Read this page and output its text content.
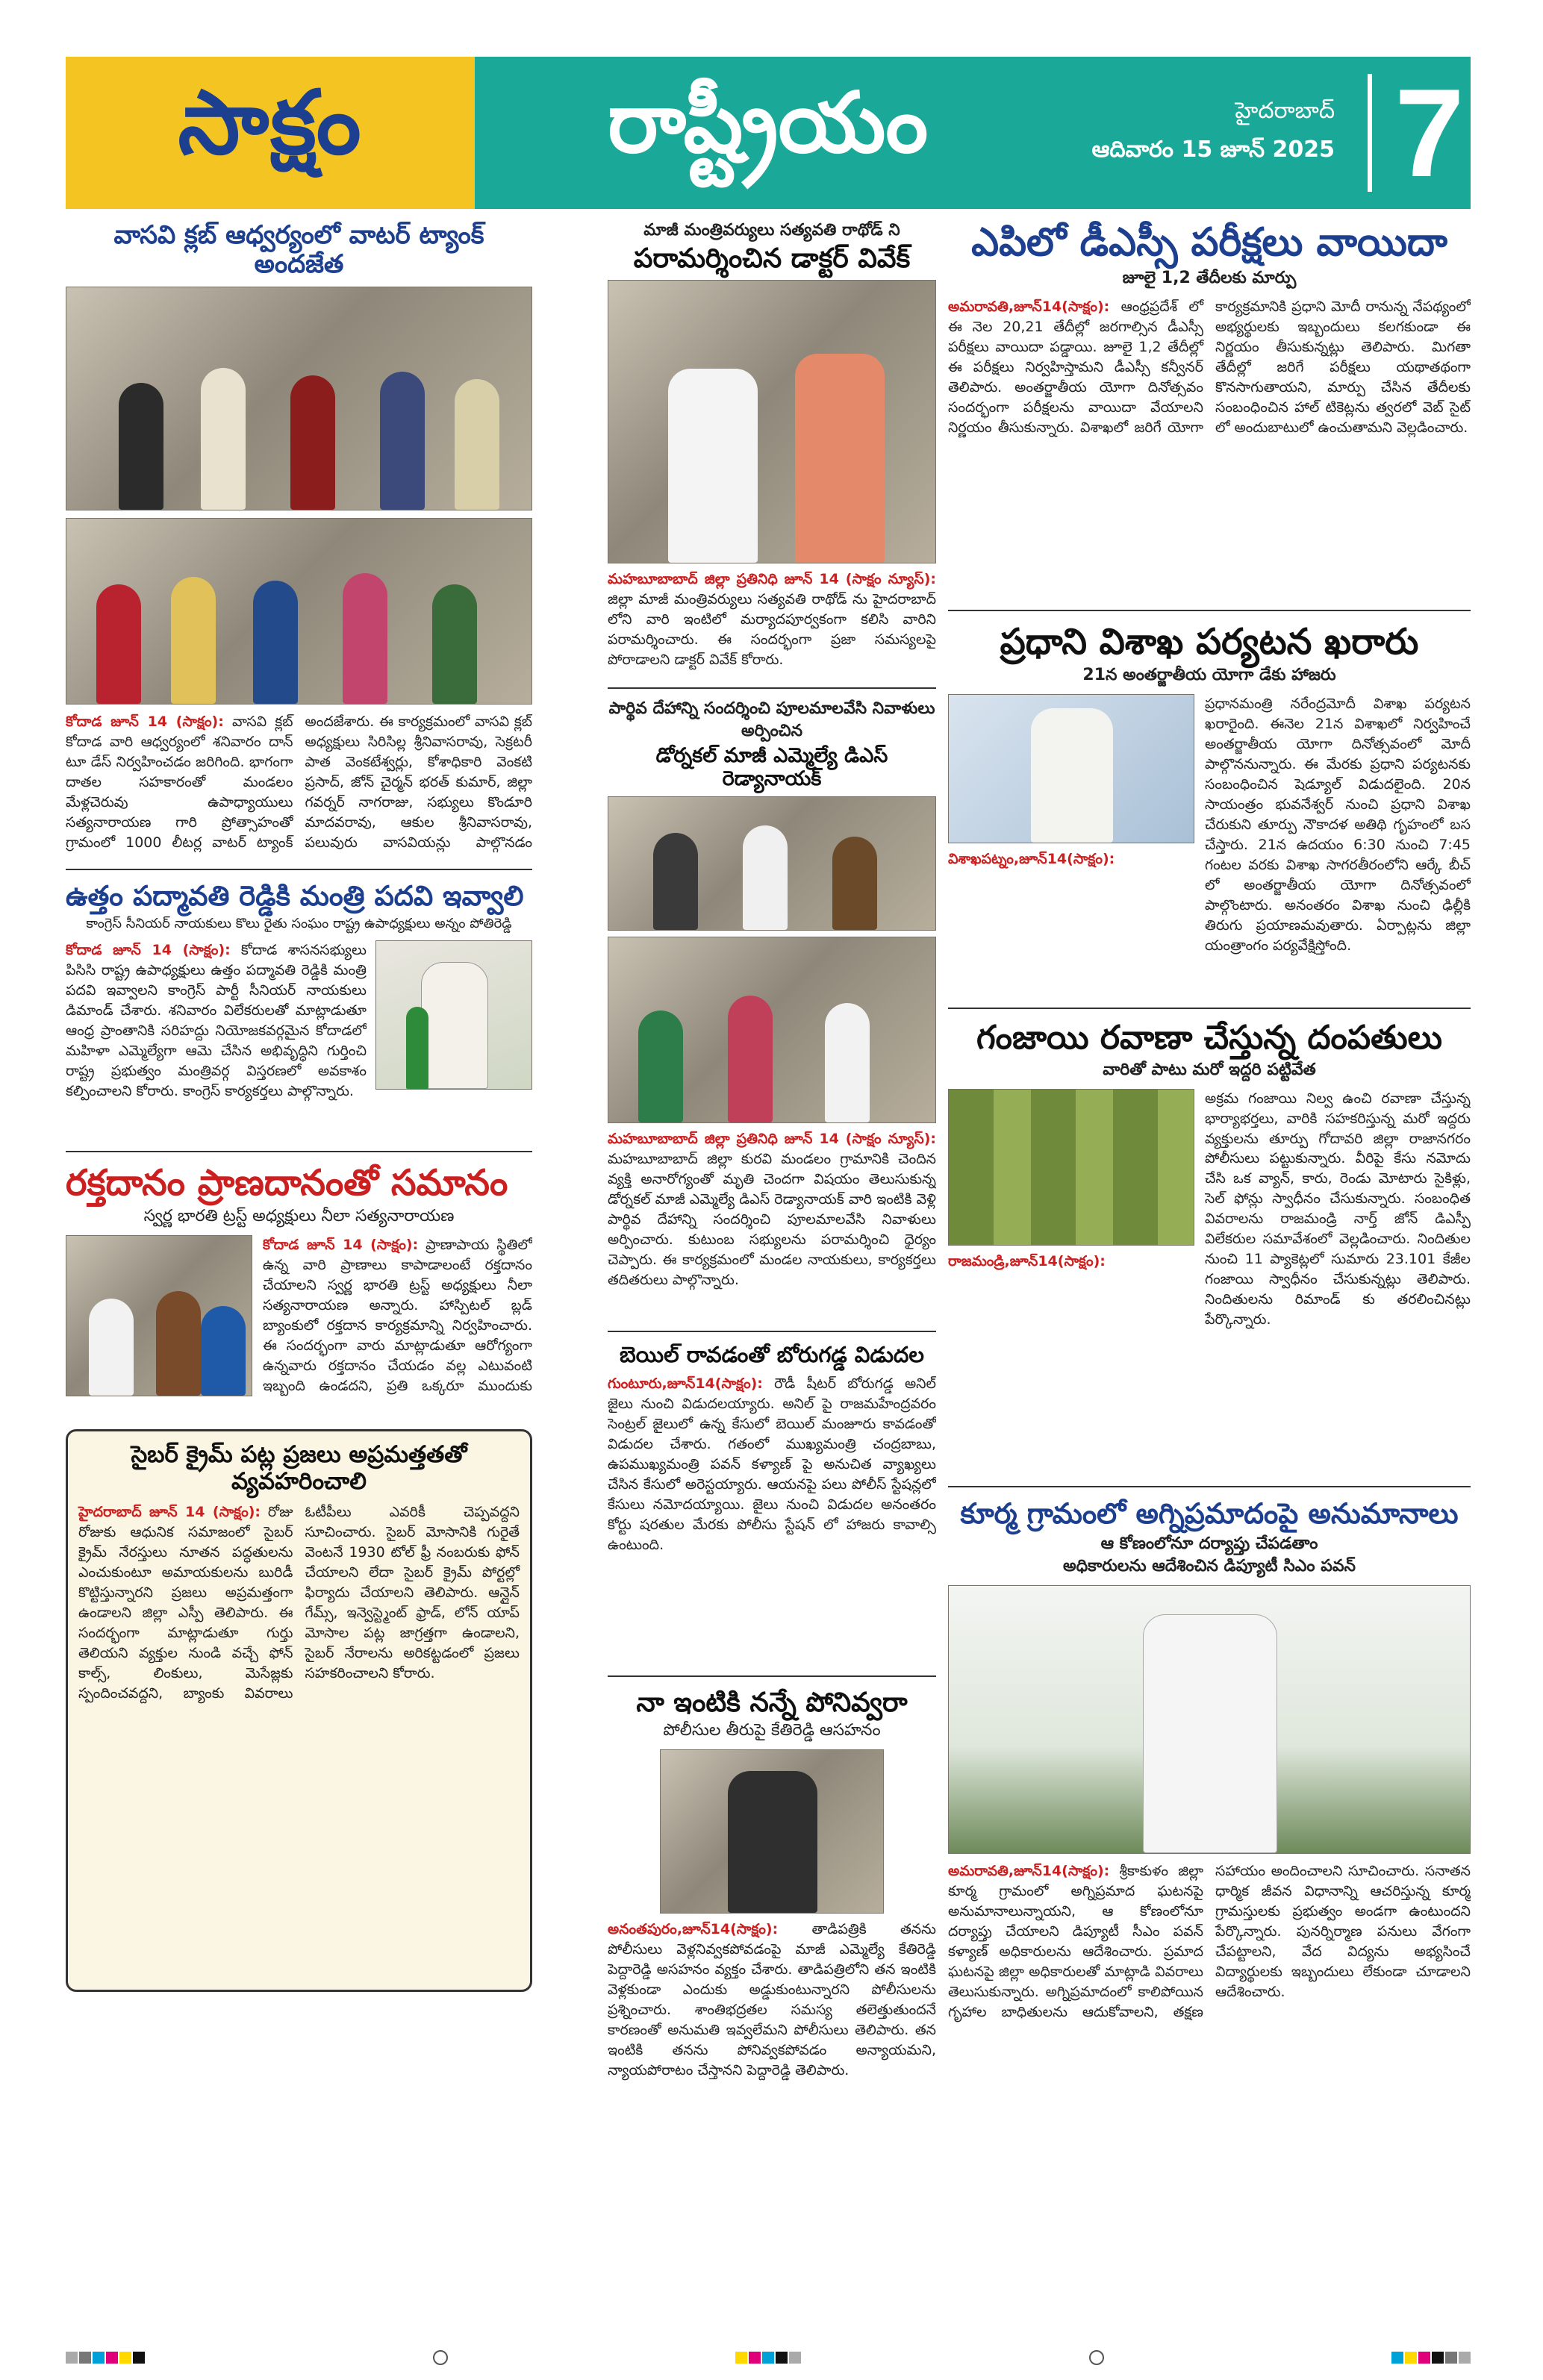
సాక్షం	రాష్ట్రీయం	హైదరాబాద్
ఆదివారం 15 జూన్ 2025 7
వాసవి క్లబ్ ఆధ్వర్యంలో వాటర్ ట్యాంక్ అందజేత
కోదాడ జూన్ 14 (సాక్షం): వాసవి క్లబ్ కోదాడ వారి ఆధ్వర్యంలో శనివారం దాన్ టూ డేస్ నిర్వహించడం జరిగింది. భాగంగా దాతల సహకారంతో మండలం మేళ్లచెరువు ఉపాధ్యాయులు సత్యనారాయణ గారి ప్రోత్సాహంతో గ్రామంలో 1000 లీటర్ల వాటర్ ట్యాంక్ అందజేశారు. ఈ కార్యక్రమంలో వాసవి క్లబ్ అధ్యక్షులు సిరిసిల్ల శ్రీనివాసరావు, సెక్రటరీ పాత వెంకటేశ్వర్లు, కోశాధికారి వెంకటి ప్రసాద్, జోన్ చైర్మన్ భరత్ కుమార్, జిల్లా గవర్నర్ నాగరాజు, సభ్యులు కొండూరి మాదవరావు, ఆకుల శ్రీనివాసరావు, పలువురు వాసవియన్లు పాల్గొనడం
ఉత్తం పద్మావతి రెడ్డికి మంత్రి పదవి ఇవ్వాలి
కాంగ్రెస్ సీనియర్ నాయకులు కొలు రైతు సంఘం రాష్ట్ర ఉపాధ్యక్షులు అన్నం పోతిరెడ్డి
కోదాడ జూన్ 14 (సాక్షం): కోదాడ శాసనసభ్యులు పిసిసి రాష్ట్ర ఉపాధ్యక్షులు ఉత్తం పద్మావతి రెడ్డికి మంత్రి పదవి ఇవ్వాలని కాంగ్రెస్ పార్టీ సీనియర్ నాయకులు డిమాండ్ చేశారు. శనివారం విలేకరులతో మాట్లాడుతూ ఆంధ్ర ప్రాంతానికి సరిహద్దు నియోజకవర్గమైన కోదాడలో మహిళా ఎమ్మెల్యేగా ఆమె చేసిన అభివృద్ధిని గుర్తించి రాష్ట్ర ప్రభుత్వం మంత్రివర్గ విస్తరణలో అవకాశం కల్పించాలని కోరారు. కాంగ్రెస్ కార్యకర్తలు పాల్గొన్నారు.
రక్తదానం ప్రాణదానంతో సమానం
స్వర్ణ భారతి ట్రస్ట్ అధ్యక్షులు నీలా సత్యనారాయణ
కోదాడ జూన్ 14 (సాక్షం): ప్రాణాపాయ స్థితిలో ఉన్న వారి ప్రాణాలు కాపాడాలంటే రక్తదానం చేయాలని స్వర్ణ భారతి ట్రస్ట్ అధ్యక్షులు నీలా సత్యనారాయణ అన్నారు. హాస్పిటల్ బ్లడ్ బ్యాంకులో రక్తదాన కార్యక్రమాన్ని నిర్వహించారు. ఈ సందర్భంగా వారు మాట్లాడుతూ ఆరోగ్యంగా ఉన్నవారు రక్తదానం చేయడం వల్ల ఎటువంటి ఇబ్బంది ఉండదని, ప్రతి ఒక్కరూ ముందుకు
సైబర్ క్రైమ్ పట్ల ప్రజలు అప్రమత్తతతో వ్యవహరించాలి
హైదరాబాద్ జూన్ 14 (సాక్షం): రోజు రోజుకు ఆధునిక సమాజంలో సైబర్ క్రైమ్ నేరస్తులు నూతన పద్ధతులను ఎంచుకుంటూ అమాయకులను బురిడీ కొట్టిస్తున్నారని ప్రజలు అప్రమత్తంగా ఉండాలని జిల్లా ఎస్పీ తెలిపారు. ఈ సందర్భంగా మాట్లాడుతూ గుర్తు తెలియని వ్యక్తుల నుండి వచ్చే ఫోన్ కాల్స్, లింకులు, మెసేజ్లకు స్పందించవద్దని, బ్యాంకు వివరాలు ఓటీపీలు ఎవరికీ చెప్పవద్దని సూచించారు. సైబర్ మోసానికి గురైతే వెంటనే 1930 టోల్ ఫ్రీ నంబరుకు ఫోన్ చేయాలని లేదా సైబర్ క్రైమ్ పోర్టల్లో ఫిర్యాదు చేయాలని తెలిపారు. ఆన్లైన్ గేమ్స్, ఇన్వెస్ట్మెంట్ ఫ్రాడ్, లోన్ యాప్ మోసాల పట్ల జాగ్రత్తగా ఉండాలని, సైబర్ నేరాలను అరికట్టడంలో ప్రజలు సహకరించాలని కోరారు.
మాజీ మంత్రివర్యులు సత్యవతి రాథోడ్ ని
పరామర్శించిన డాక్టర్ వివేక్
మహబూబాబాద్ జిల్లా ప్రతినిధి జూన్ 14 (సాక్షం న్యూస్): జిల్లా మాజీ మంత్రివర్యులు సత్యవతి రాథోడ్ ను హైదరాబాద్ లోని వారి ఇంటిలో మర్యాదపూర్వకంగా కలిసి వారిని పరామర్శించారు. ఈ సందర్భంగా ప్రజా సమస్యలపై పోరాడాలని డాక్టర్ వివేక్ కోరారు.
పార్థివ దేహాన్ని సందర్శించి పూలమాలవేసి నివాళులు అర్పించిన
డోర్నకల్ మాజీ ఎమ్మెల్యే డిఎస్ రెడ్యానాయక్
మహబూబాబాద్ జిల్లా ప్రతినిధి జూన్ 14 (సాక్షం న్యూస్): మహబూబాబాద్ జిల్లా కురవి మండలం గ్రామానికి చెందిన వ్యక్తి అనారోగ్యంతో మృతి చెందగా విషయం తెలుసుకున్న డోర్నకల్ మాజీ ఎమ్మెల్యే డిఎస్ రెడ్యానాయక్ వారి ఇంటికి వెళ్లి పార్థివ దేహాన్ని సందర్శించి పూలమాలవేసి నివాళులు అర్పించారు. కుటుంబ సభ్యులను పరామర్శించి ధైర్యం చెప్పారు. ఈ కార్యక్రమంలో మండల నాయకులు, కార్యకర్తలు తదితరులు పాల్గొన్నారు.
బెయిల్ రావడంతో బోరుగడ్డ విడుదల
గుంటూరు,జూన్14(సాక్షం): రౌడీ షీటర్ బోరుగడ్డ అనిల్ జైలు నుంచి విడుదలయ్యారు. అనిల్ పై రాజమహేంద్రవరం సెంట్రల్ జైలులో ఉన్న కేసులో బెయిల్ మంజూరు కావడంతో విడుదల చేశారు. గతంలో ముఖ్యమంత్రి చంద్రబాబు, ఉపముఖ్యమంత్రి పవన్ కళ్యాణ్ పై అనుచిత వ్యాఖ్యలు చేసిన కేసులో అరెస్టయ్యారు. ఆయనపై పలు పోలీస్ స్టేషన్లలో కేసులు నమోదయ్యాయి. జైలు నుంచి విడుదల అనంతరం కోర్టు షరతుల మేరకు పోలీసు స్టేషన్ లో హాజరు కావాల్సి ఉంటుంది.
నా ఇంటికి నన్నే పోనివ్వరా
పోలీసుల తీరుపై కేతిరెడ్డి ఆసహనం
అనంతపురం,జూన్14(సాక్షం): తాడిపత్రికి తనను పోలీసులు వెళ్లనివ్వకపోవడంపై మాజీ ఎమ్మెల్యే కేతిరెడ్డి పెద్దారెడ్డి అసహనం వ్యక్తం చేశారు. తాడిపత్రిలోని తన ఇంటికి వెళ్లకుండా ఎందుకు అడ్డుకుంటున్నారని పోలీసులను ప్రశ్నించారు. శాంతిభద్రతల సమస్య తలెత్తుతుందనే కారణంతో అనుమతి ఇవ్వలేమని పోలీసులు తెలిపారు. తన ఇంటికి తనను పోనివ్వకపోవడం అన్యాయమని, న్యాయపోరాటం చేస్తానని పెద్దారెడ్డి తెలిపారు.
ఎపిలో డీఎస్సీ పరీక్షలు వాయిదా
జూలై 1,2 తేదీలకు మార్పు
అమరావతి,జూన్14(సాక్షం): ఆంధ్రప్రదేశ్ లో ఈ నెల 20,21 తేదీల్లో జరగాల్సిన డీఎస్సీ పరీక్షలు వాయిదా పడ్డాయి. జూలై 1,2 తేదీల్లో ఈ పరీక్షలు నిర్వహిస్తామని డీఎస్సీ కన్వీనర్ తెలిపారు. అంతర్జాతీయ యోగా దినోత్సవం సందర్భంగా పరీక్షలను వాయిదా వేయాలని నిర్ణయం తీసుకున్నారు. విశాఖలో జరిగే యోగా కార్యక్రమానికి ప్రధాని మోదీ రానున్న నేపథ్యంలో అభ్యర్థులకు ఇబ్బందులు కలగకుండా ఈ నిర్ణయం తీసుకున్నట్లు తెలిపారు. మిగతా తేదీల్లో జరిగే పరీక్షలు యథాతథంగా కొనసాగుతాయని, మార్పు చేసిన తేదీలకు సంబంధించిన హాల్ టికెట్లను త్వరలో వెబ్ సైట్ లో అందుబాటులో ఉంచుతామని వెల్లడించారు.
ప్రధాని విశాఖ పర్యటన ఖరారు
21న అంతర్జాతీయ యోగా డేకు హాజరు
విశాఖపట్నం,జూన్14(సాక్షం):
ప్రధానమంత్రి నరేంద్రమోదీ విశాఖ పర్యటన ఖరారైంది. ఈనెల 21న విశాఖలో నిర్వహించే అంతర్జాతీయ యోగా దినోత్సవంలో మోదీ పాల్గొననున్నారు. ఈ మేరకు ప్రధాని పర్యటనకు సంబంధించిన షెడ్యూల్ విడుదలైంది. 20న సాయంత్రం భువనేశ్వర్ నుంచి ప్రధాని విశాఖ చేరుకుని తూర్పు నౌకాదళ అతిథి గృహంలో బస చేస్తారు. 21న ఉదయం 6:30 నుంచి 7:45 గంటల వరకు విశాఖ సాగరతీరంలోని ఆర్కే బీచ్ లో అంతర్జాతీయ యోగా దినోత్సవంలో పాల్గొంటారు. అనంతరం విశాఖ నుంచి ఢిల్లీకి తిరుగు ప్రయాణమవుతారు. ఏర్పాట్లను జిల్లా యంత్రాంగం పర్యవేక్షిస్తోంది.
గంజాయి రవాణా చేస్తున్న దంపతులు
వారితో పాటు మరో ఇద్దరి పట్టివేత
రాజమండ్రి,జూన్14(సాక్షం):
అక్రమ గంజాయి నిల్వ ఉంచి రవాణా చేస్తున్న భార్యాభర్తలు, వారికి సహకరిస్తున్న మరో ఇద్దరు వ్యక్తులను తూర్పు గోదావరి జిల్లా రాజానగరం పోలీసులు పట్టుకున్నారు. వీరిపై కేసు నమోదు చేసి ఒక వ్యాన్, కారు, రెండు మోటారు సైకిళ్లు, సెల్ ఫోన్లు స్వాధీనం చేసుకున్నారు. సంబంధిత వివరాలను రాజమండ్రి నార్త్ జోన్ డిఎస్పీ విలేకరుల సమావేశంలో వెల్లడించారు. నిందితుల నుంచి 11 ప్యాకెట్లలో సుమారు 23.101 కేజీల గంజాయి స్వాధీనం చేసుకున్నట్లు తెలిపారు. నిందితులను రిమాండ్ కు తరలించినట్లు పేర్కొన్నారు.
కూర్మ గ్రామంలో అగ్నిప్రమాదంపై అనుమానాలు
ఆ కోణంలోనూ దర్యాప్తు చేపడతాం
అధికారులను ఆదేశించిన డిప్యూటీ సిఎం పవన్
అమరావతి,జూన్14(సాక్షం): శ్రీకాకుళం జిల్లా కూర్మ గ్రామంలో అగ్నిప్రమాద ఘటనపై అనుమానాలున్నాయని, ఆ కోణంలోనూ దర్యాప్తు చేయాలని డిప్యూటీ సీఎం పవన్ కళ్యాణ్ అధికారులను ఆదేశించారు. ప్రమాద ఘటనపై జిల్లా అధికారులతో మాట్లాడి వివరాలు తెలుసుకున్నారు. అగ్నిప్రమాదంలో కాలిపోయిన గృహాల బాధితులను ఆదుకోవాలని, తక్షణ సహాయం అందించాలని సూచించారు. సనాతన ధార్మిక జీవన విధానాన్ని ఆచరిస్తున్న కూర్మ గ్రామస్తులకు ప్రభుత్వం అండగా ఉంటుందని పేర్కొన్నారు. పునర్నిర్మాణ పనులు వేగంగా చేపట్టాలని, వేద విద్యను అభ్యసించే విద్యార్థులకు ఇబ్బందులు లేకుండా చూడాలని ఆదేశించారు.
